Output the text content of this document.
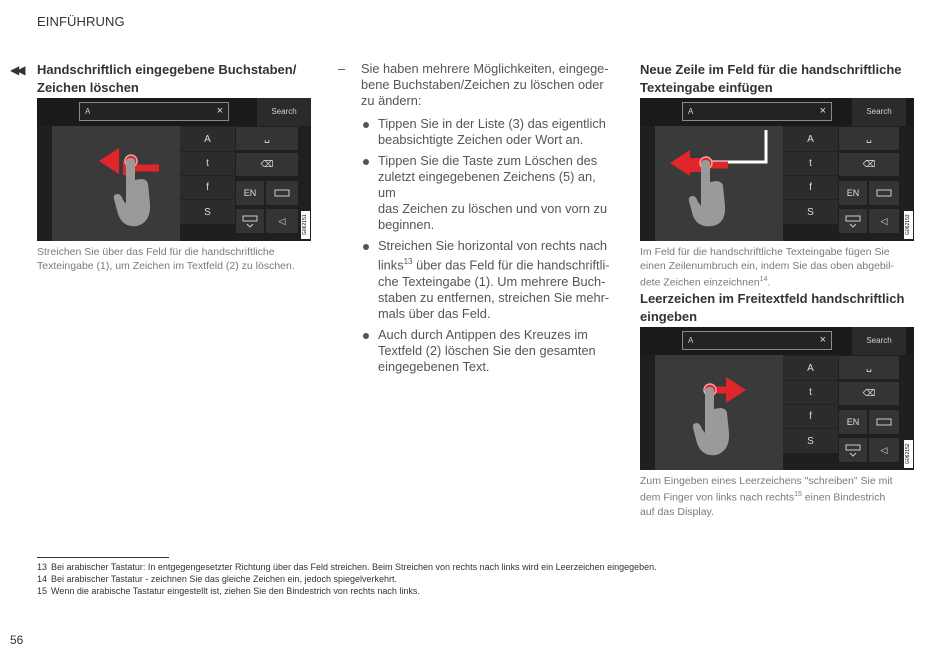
EINFÜHRUNG
◀◀ Handschriftlich eingegebene Buchstaben/
Zeichen löschen
A	×	Search
A
t
f
S
␣
⌫
EN
◁	G062151
Streichen Sie über das Feld für die handschriftliche
Texteingabe (1), um Zeichen im Textfeld (2) zu löschen.
– Sie haben mehrere Möglichkeiten, eingege-
bene Buchstaben/Zeichen zu löschen oder
zu ändern:
Tippen Sie in der Liste (3) das eigentlich
beabsichtigte Zeichen oder Wort an.
Tippen Sie die Taste zum Löschen des
zuletzt eingegebenen Zeichens (5) an, um
das Zeichen zu löschen und von vorn zu
beginnen.
Streichen Sie horizontal von rechts nach
links$^{13}$ über das Feld für die handschriftli-
che Texteingabe (1). Um mehrere Buch-
staben zu entfernen, streichen Sie mehr-
mals über das Feld.
Auch durch Antippen des Kreuzes im
Textfeld (2) löschen Sie den gesamten
eingegebenen Text.
Neue Zeile im Feld für die handschriftliche
Texteingabe einfügen
A	×	Search
A
t
f
S
␣
⌫
EN
◁	G062153
Im Feld für die handschriftliche Texteingabe fügen Sie
einen Zeilenumbruch ein, indem Sie das oben abgebil-
dete Zeichen einzeichnen$^{14}$.
Leerzeichen im Freitextfeld handschriftlich
eingeben
A	×	Search
A
t
f
S
␣
⌫
EN
◁	G062152
Zum Eingeben eines Leerzeichens "schreiben" Sie mit
dem Finger von links nach rechts$^{15}$ einen Bindestrich
auf das Display.
13 Bei arabischer Tastatur: In entgegengesetzter Richtung über das Feld streichen. Beim Streichen von rechts nach links wird ein Leerzeichen eingegeben.
14 Bei arabischer Tastatur - zeichnen Sie das gleiche Zeichen ein, jedoch spiegelverkehrt.
15 Wenn die arabische Tastatur eingestellt ist, ziehen Sie den Bindestrich von rechts nach links.
56
